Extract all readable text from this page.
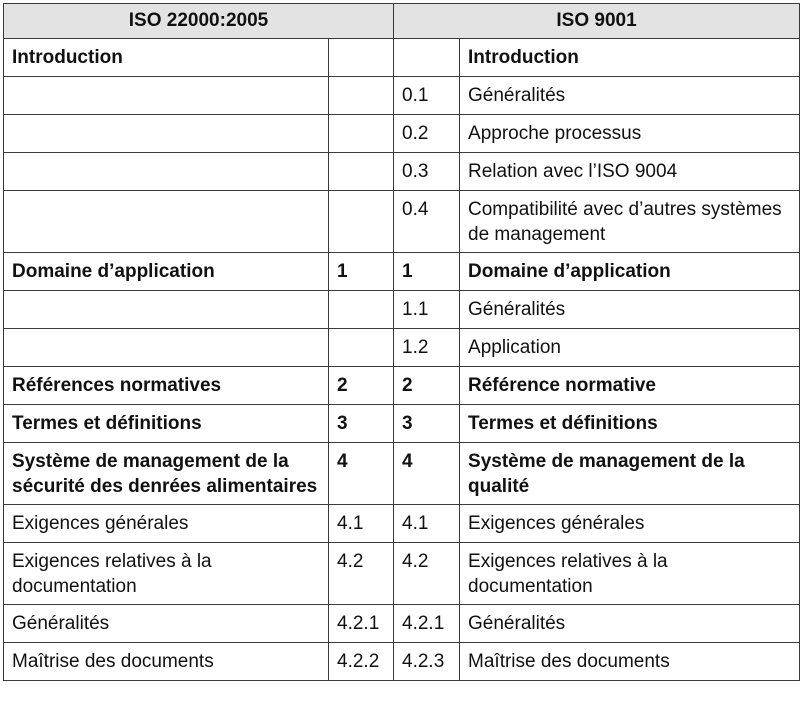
ISO 22000:2005		ISO 9001	
Introduction			Introduction
		0.1	Généralités
		0.2	Approche processus
		0.3	Relation avec l’ISO 9004
		0.4	Compatibilité avec d’autres systèmes de management
Domaine d’application	1	1	Domaine d’application
		1.1	Généralités
		1.2	Application
Références normatives	2	2	Référence normative
Termes et définitions	3	3	Termes et définitions
Système de management de la sécurité des denrées alimentaires	4	4	Système de management de la qualité
Exigences générales	4.1	4.1	Exigences générales
Exigences relatives à la documentation	4.2	4.2	Exigences relatives à la documentation
Généralités	4.2.1	4.2.1	Généralités
Maîtrise des documents	4.2.2	4.2.3	Maîtrise des documents
